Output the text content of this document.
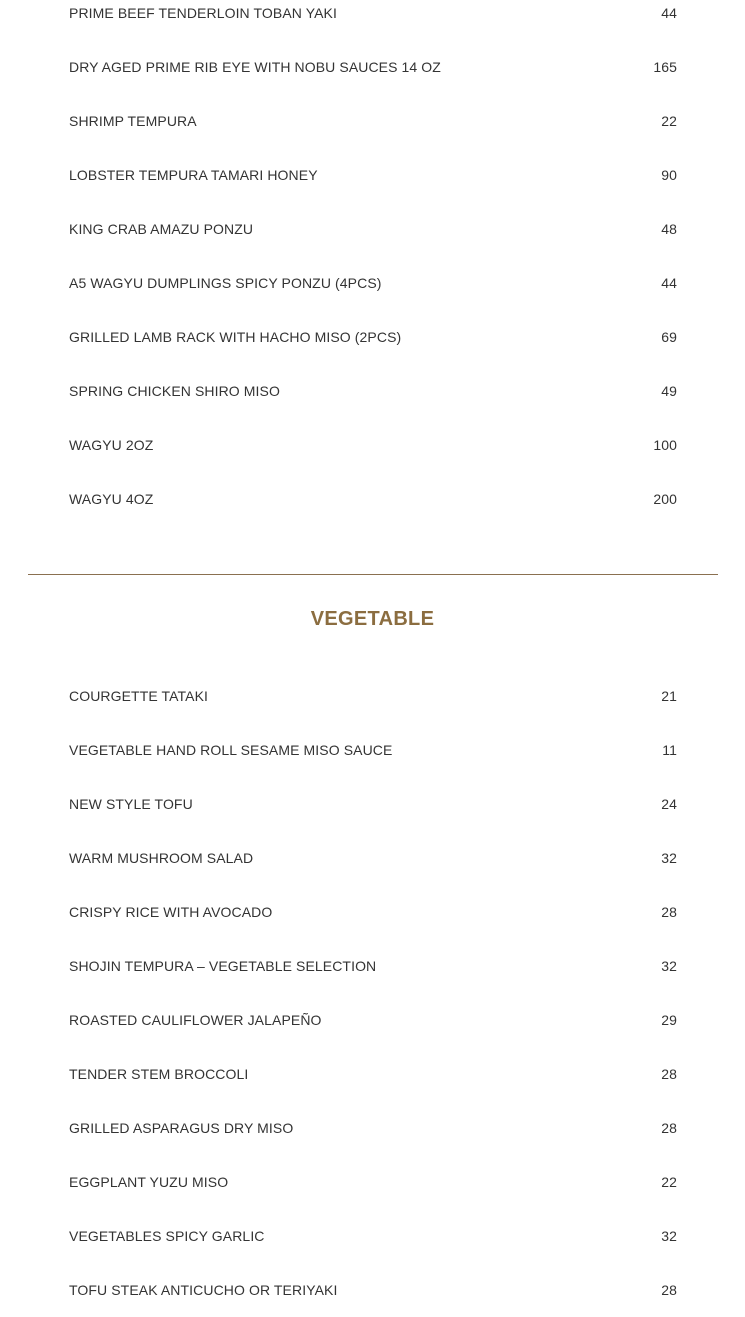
PRIME BEEF TENDERLOIN TOBAN YAKI	44
DRY AGED PRIME RIB EYE WITH NOBU SAUCES 14 OZ	165
SHRIMP TEMPURA	22
LOBSTER TEMPURA TAMARI HONEY	90
KING CRAB AMAZU PONZU	48
A5 WAGYU DUMPLINGS SPICY PONZU (4PCS)	44
GRILLED LAMB RACK WITH HACHO MISO (2PCS)	69
SPRING CHICKEN SHIRO MISO	49
WAGYU 2OZ	100
WAGYU 4OZ	200
VEGETABLE
COURGETTE TATAKI	21
VEGETABLE HAND ROLL SESAME MISO SAUCE	11
NEW STYLE TOFU	24
WARM MUSHROOM SALAD	32
CRISPY RICE WITH AVOCADO	28
SHOJIN TEMPURA – VEGETABLE SELECTION	32
ROASTED CAULIFLOWER JALAPEÑO	29
TENDER STEM BROCCOLI	28
GRILLED ASPARAGUS DRY MISO	28
EGGPLANT YUZU MISO	22
VEGETABLES SPICY GARLIC	32
TOFU STEAK ANTICUCHO OR TERIYAKI	28
